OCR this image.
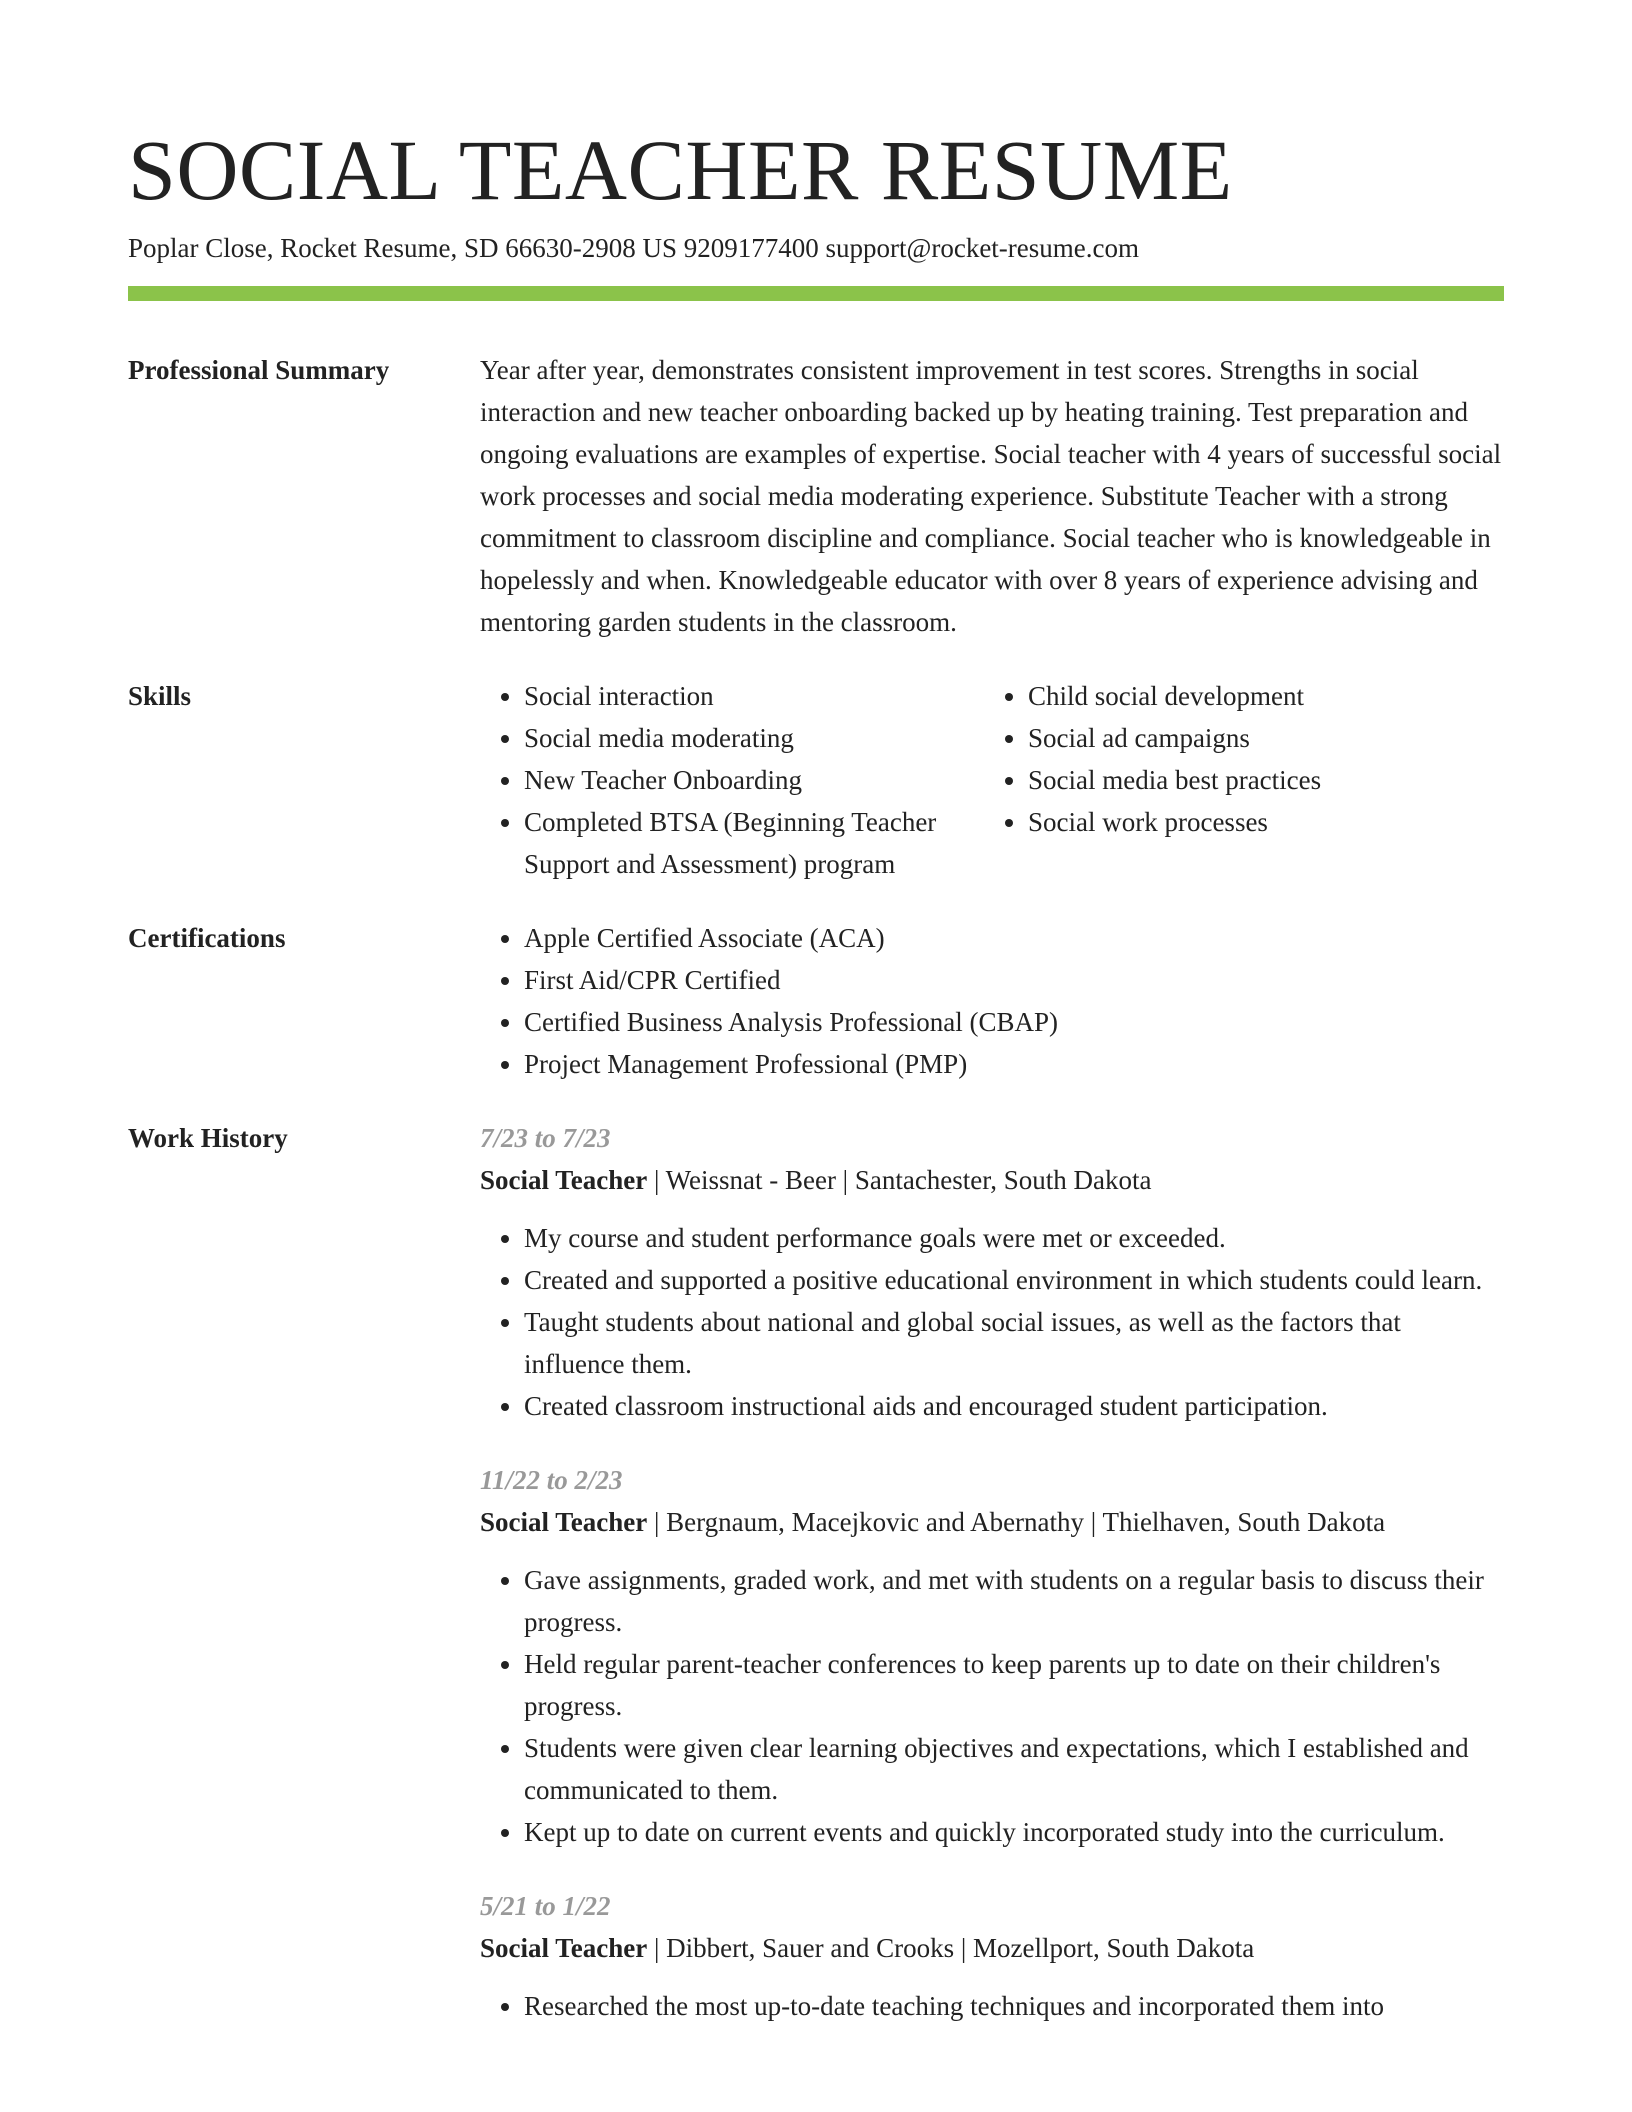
SOCIAL TEACHER RESUME
Poplar Close, Rocket Resume, SD 66630-2908 US 9209177400 support@rocket-resume.com
Professional Summary	Year after year, demonstrates consistent improvement in test scores. Strengths in social interaction and new teacher onboarding backed up by heating training. Test preparation and ongoing evaluations are examples of expertise. Social teacher with 4 years of successful social work processes and social media moderating experience. Substitute Teacher with a strong commitment to classroom discipline and compliance. Social teacher who is knowledgeable in hopelessly and when. Knowledgeable educator with over 8 years of experience advising and mentoring garden students in the classroom.

Skills	• Social interaction
• Social media moderating
• New Teacher Onboarding
• Completed BTSA (Beginning Teacher Support and Assessment) program
• Child social development
• Social ad campaigns
• Social media best practices
• Social work processes
Certifications	• Apple Certified Associate (ACA)
• First Aid/CPR Certified
• Certified Business Analysis Professional (CBAP)
• Project Management Professional (PMP)
Work History	7/23 to 7/23
Social Teacher | Weissnat - Beer | Santachester, South Dakota
• My course and student performance goals were met or exceeded.
• Created and supported a positive educational environment in which students could learn.
• Taught students about national and global social issues, as well as the factors that influence them.
• Created classroom instructional aids and encouraged student participation.
11/22 to 2/23
Social Teacher | Bergnaum, Macejkovic and Abernathy | Thielhaven, South Dakota
• Gave assignments, graded work, and met with students on a regular basis to discuss their progress.
• Held regular parent-teacher conferences to keep parents up to date on their children's progress.
• Students were given clear learning objectives and expectations, which I established and communicated to them.
• Kept up to date on current events and quickly incorporated study into the curriculum.
5/21 to 1/22
Social Teacher | Dibbert, Sauer and Crooks | Mozellport, South Dakota
• Researched the most up-to-date teaching techniques and incorporated them into
